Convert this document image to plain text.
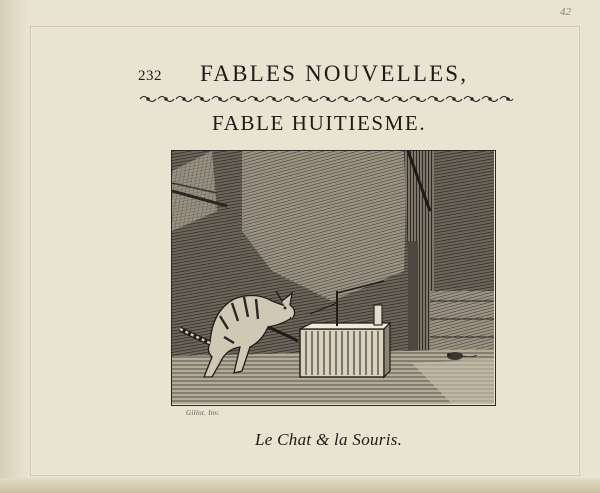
42
232 FABLES NOUVELLES,
FABLE HUITIESME.
Gillot. Inv.
Le Chat & la Souris.
